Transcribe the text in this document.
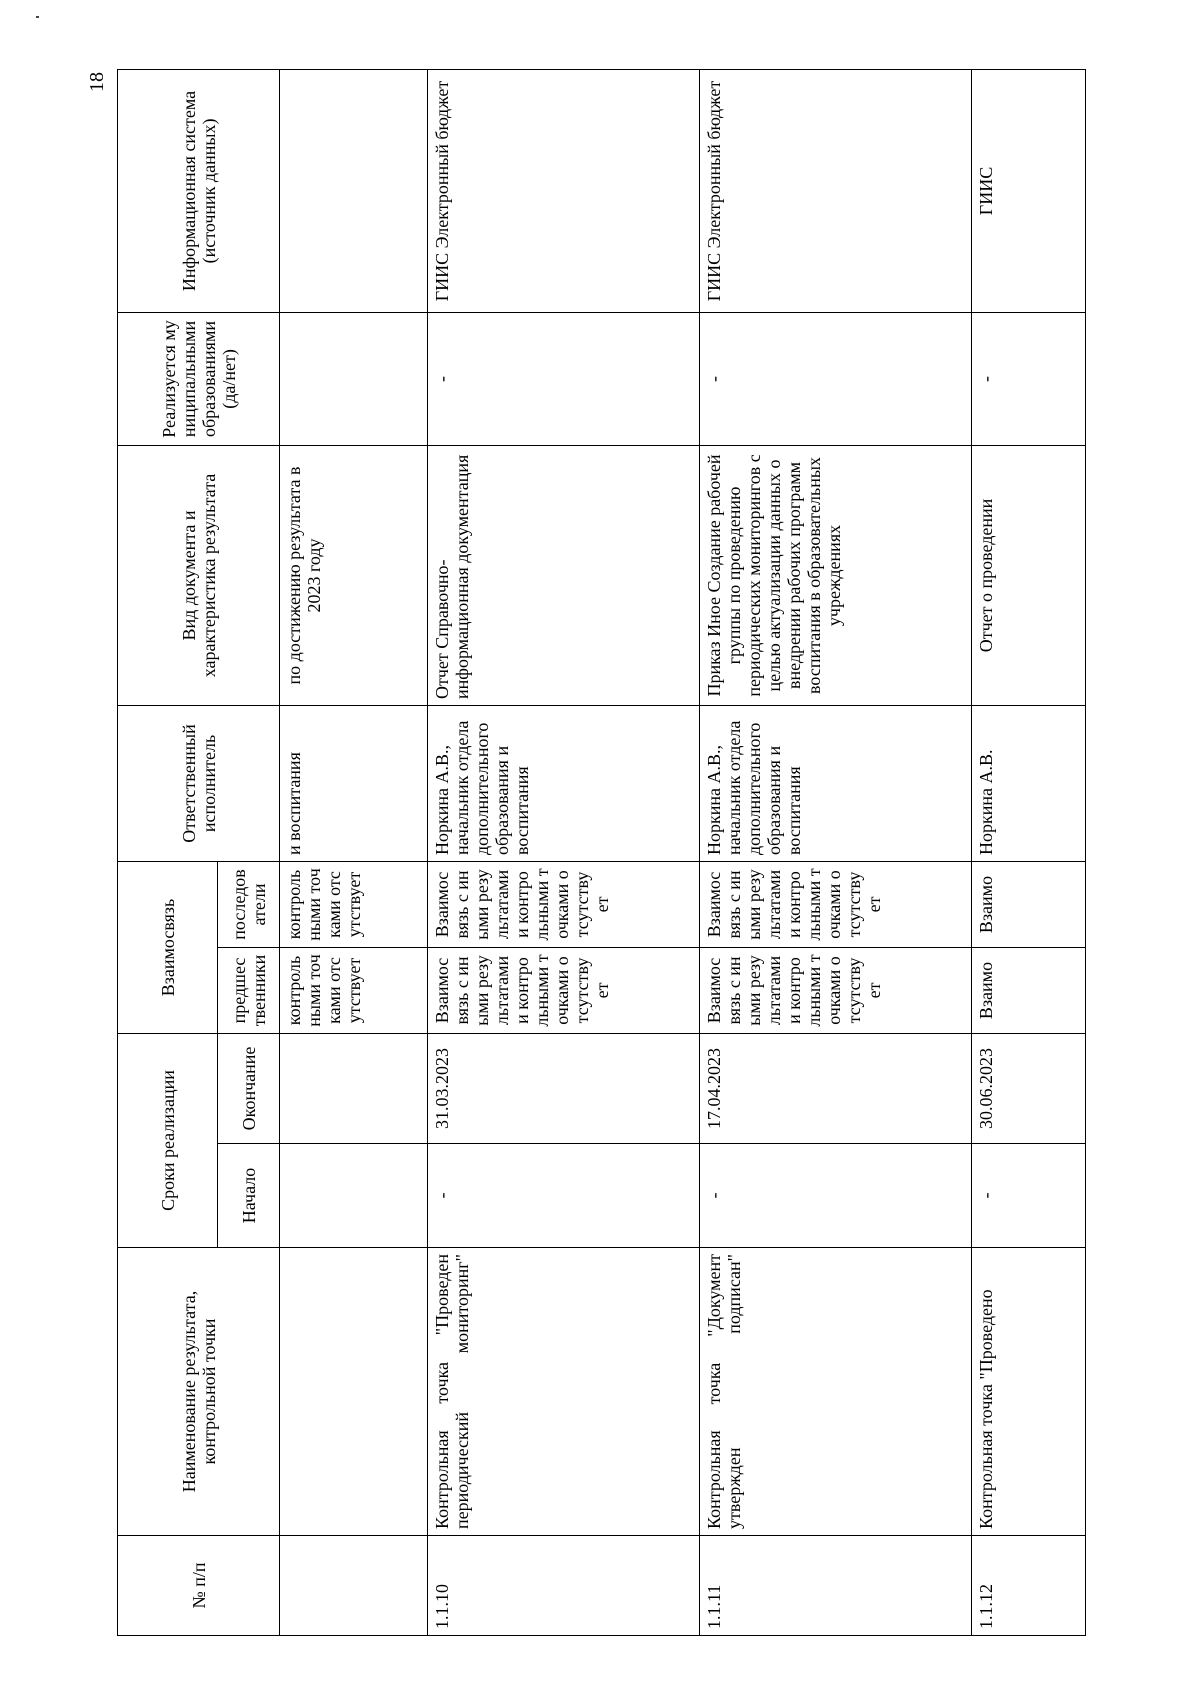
18
№ п/п	Наименование результата, контрольной точки	Сроки реализации		Взаимосвязь		Ответственный исполнитель	Вид документа и характеристика результата	Реализуется муниципальными образованиями (да/нет)	Информационная система (источник данных)
		Начало	Окончание	предшественники	последователи				
				контрольными точками отсутствует	контрольными точками отсутствует	и воспитания	по достижению результата в 2023 году		
1.1.10	Контрольная точка "Проведен периодический мониторинг"	-	31.03.2023	Взаимосвязь с иными результатами и контрольными точками отсутствует	Взаимосвязь с иными результатами и контрольными точками отсутствует	Норкина А.В., начальник отдела дополнительного образования и воспитания	Отчет Справочно-информационная документация	-	ГИИС Электронный бюджет
1.1.11	Контрольная точка "Документ утвержден подписан"	-	17.04.2023	Взаимосвязь с иными результатами и контрольными точками отсутствует	Взаимосвязь с иными результатами и контрольными точками отсутствует	Норкина А.В., начальник отдела дополнительного образования и воспитания	Приказ Иное Создание рабочей группы по проведению периодических мониторингов с целью актуализации данных о внедрении рабочих программ воспитания в образовательных учреждениях	-	ГИИС Электронный бюджет
1.1.12	Контрольная точка "Проведено	-	30.06.2023	Взаимо	Взаимо	Норкина А.В.	Отчет о проведении	-	ГИИС
